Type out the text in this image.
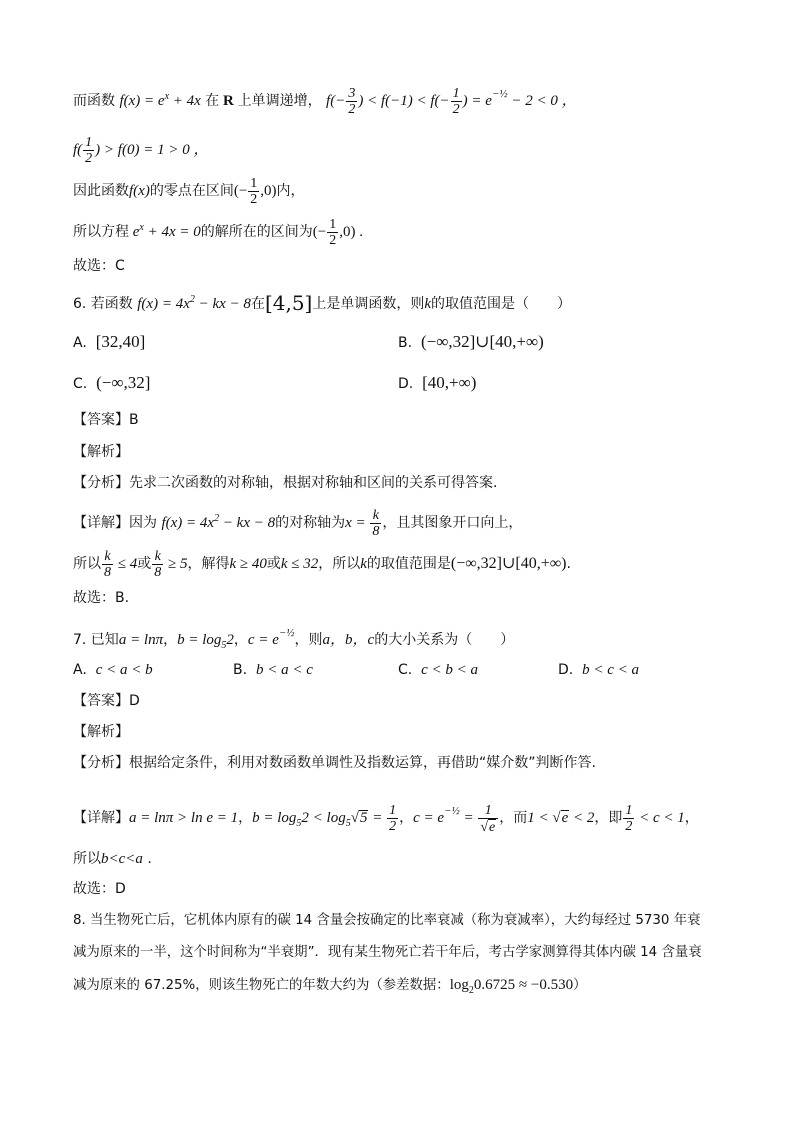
而函数 $f(x) = e^x + 4x$ 在 R 上单调递增， $f(- \frac{3}{2}$ ) < $f(-1) < f(- \frac{1}{2}$ ) = $e^{-\frac{1}{2}} - 2 < 0$ ，
$f( \frac{1}{2}$ ) > f(0) = 1 > 0 ，
因此函数f(x)的零点在区间(− $\frac{1}{2} ,0$)内，
所以方程 $e^x + 4x = 0$的解所在的区间为(− $\frac{1}{2} ,0$) .
故选：C
6. 若函数 $f(x) = 4x^2$ − kx − 8在[4,5]上是单调函数，则k的取值范围是（　　）
A. [32,40]	B. (−∞,32]∪[40,+∞)
C. (−∞,32]	D. [40,+∞)
【答案】B
【解析】
【分析】先求二次函数的对称轴，根据对称轴和区间的关系可得答案.
【详解】因为 $f(x) = 4x^2$ − kx − 8的对称轴为$x = \frac{k}{8}$ ，且其图象开口向上，
所以 $\frac{k}{8} \le 4$或 $\frac{k}{8} \ge 5$，解得k ≥ 40或k ≤ 32，所以k的取值范围是(−∞,32]∪[40,+∞).
故选：B.
7. 已知a = lnπ，$b = \log_52$，$c = e^{-\frac{1}{2}}$，则a，b，c的大小关系为（　　）
A. c < a < b	B. b < a < c	C. c < b < a	D. b < c < a
【答案】D
【解析】
【分析】根据给定条件，利用对数函数单调性及指数运算，再借助“媒介数”判断作答.
【详解】a = lnπ > ln e = 1，$b = \log_52 < \log_5√5 = \frac{1}{2}$ ，$c = e^{-\frac{1}{2}} = \frac{1}{√e}$ ，而1 < √e < 2，即 $\frac{1}{2} < c < 1$，
所以b<c<a .
故选：D
8. 当生物死亡后，它机体内原有的碳 14 含量会按确定的比率衰减（称为衰减率），大约每经过 5730 年衰
减为原来的一半，这个时间称为“半衰期”．现有某生物死亡若干年后，考古学家测算得其体内碳 14 含量衰
减为原来的 67.25%，则该生物死亡的年数大约为（参差数据：$\log_20.6725 \approx -0.530$）
